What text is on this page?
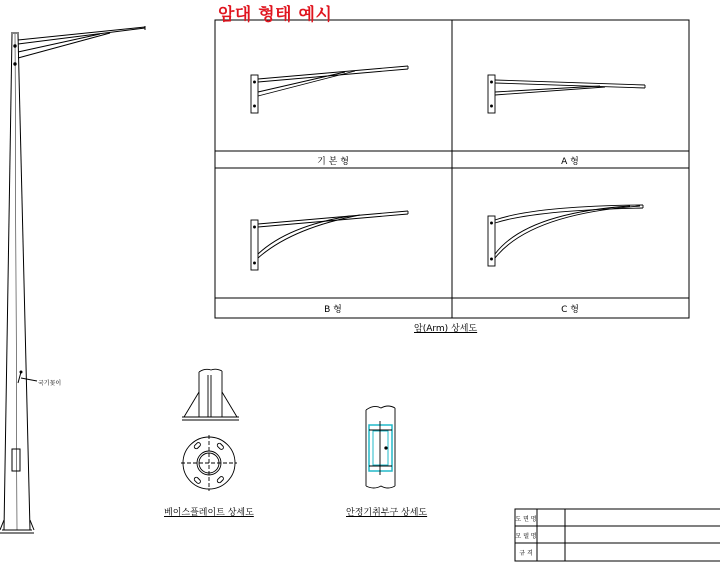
암대 형태 예시
기 본 형	A 형
B 형	C 형
암(Arm) 상세도
국기꽂이
베이스플레이트 상세도	안정기취부구 상세도
도 면 명
모 델 명
규 격
